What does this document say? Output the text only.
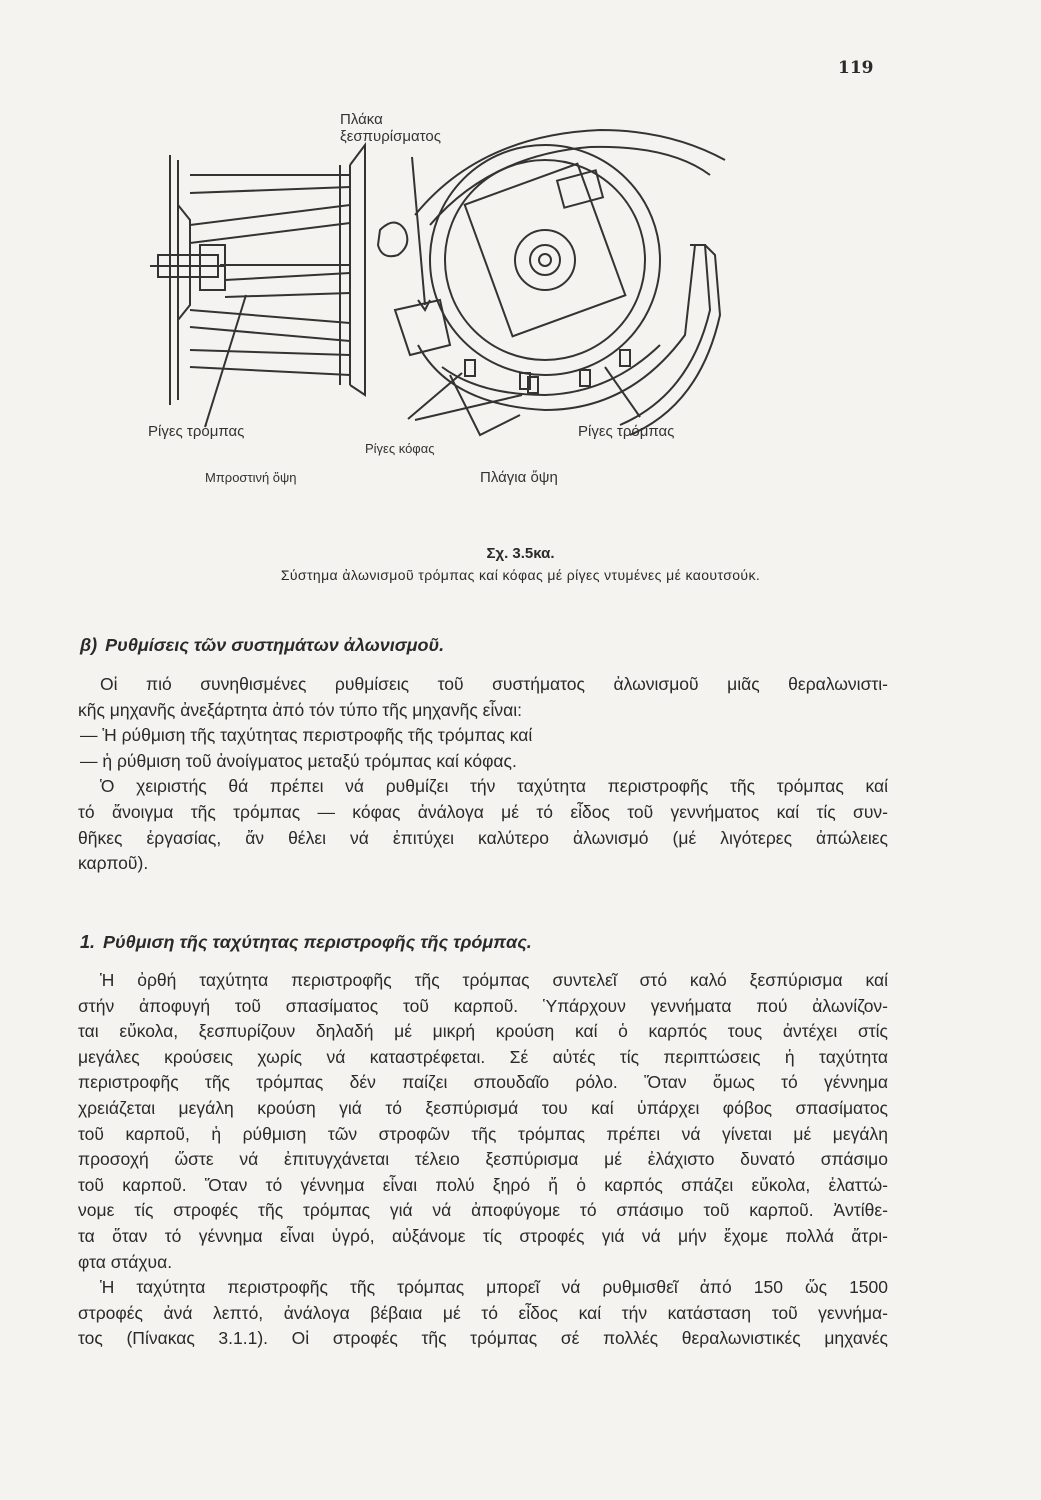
119
Πλάκα
ξεσπυρίσματος
Ρίγες τρόμπας
Ρίγες κόφας
Ρίγες τρόμπας
Μπροστινή ὄψη	Πλάγια ὄψη
Σχ. 3.5κα.
Σύστημα ἀλωνισμοῦ τρόμπας καί κόφας μέ ρίγες ντυμένες μέ καουτσούκ.
β) Ρυθμίσεις τῶν συστημάτων ἀλωνισμοῦ.
Οἱ πιό συνηθισμένες ρυθμίσεις τοῦ συστήματος ἀλωνισμοῦ μιᾶς θεραλωνιστι-
κῆς μηχανῆς ἀνεξάρτητα ἀπό τόν τύπο τῆς μηχανῆς εἶναι:
— Ἡ ρύθμιση τῆς ταχύτητας περιστροφῆς τῆς τρόμπας καί
— ἡ ρύθμιση τοῦ ἀνοίγματος μεταξύ τρόμπας καί κόφας.
Ὁ χειριστής θά πρέπει νά ρυθμίζει τήν ταχύτητα περιστροφῆς τῆς τρόμπας καί
τό ἄνοιγμα τῆς τρόμπας — κόφας ἀνάλογα μέ τό εἶδος τοῦ γεννήματος καί τίς συν-
θῆκες ἐργασίας, ἄν θέλει νά ἐπιτύχει καλύτερο ἀλωνισμό (μέ λιγότερες ἀπώλειες
καρποῦ).
1. Ρύθμιση τῆς ταχύτητας περιστροφῆς τῆς τρόμπας.
Ἡ ὀρθή ταχύτητα περιστροφῆς τῆς τρόμπας συντελεῖ στό καλό ξεσπύρισμα καί
στήν ἀποφυγή τοῦ σπασίματος τοῦ καρποῦ. Ὑπάρχουν γεννήματα πού ἀλωνίζον-
ται εὔκολα, ξεσπυρίζουν δηλαδή μέ μικρή κρούση καί ὁ καρπός τους ἀντέχει στίς
μεγάλες κρούσεις χωρίς νά καταστρέφεται. Σέ αὐτές τίς περιπτώσεις ἡ ταχύτητα
περιστροφῆς τῆς τρόμπας δέν παίζει σπουδαῖο ρόλο. Ὅταν ὅμως τό γέννημα
χρειάζεται μεγάλη κρούση γιά τό ξεσπύρισμά του καί ὑπάρχει φόβος σπασίματος
τοῦ καρποῦ, ἡ ρύθμιση τῶν στροφῶν τῆς τρόμπας πρέπει νά γίνεται μέ μεγάλη
προσοχή ὥστε νά ἐπιτυγχάνεται τέλειο ξεσπύρισμα μέ ἐλάχιστο δυνατό σπάσιμο
τοῦ καρποῦ. Ὅταν τό γέννημα εἶναι πολύ ξηρό ἤ ὁ καρπός σπάζει εὔκολα, ἐλαττώ-
νομε τίς στροφές τῆς τρόμπας γιά νά ἀποφύγομε τό σπάσιμο τοῦ καρποῦ. Ἀντίθε-
τα ὅταν τό γέννημα εἶναι ὑγρό, αὐξάνομε τίς στροφές γιά νά μήν ἔχομε πολλά ἄτρι-
φτα στάχυα.
Ἡ ταχύτητα περιστροφῆς τῆς τρόμπας μπορεῖ νά ρυθμισθεῖ ἀπό 150 ὥς 1500
στροφές ἀνά λεπτό, ἀνάλογα βέβαια μέ τό εἶδος καί τήν κατάσταση τοῦ γεννήμα-
τος (Πίνακας 3.1.1). Οἱ στροφές τῆς τρόμπας σέ πολλές θεραλωνιστικές μηχανές
